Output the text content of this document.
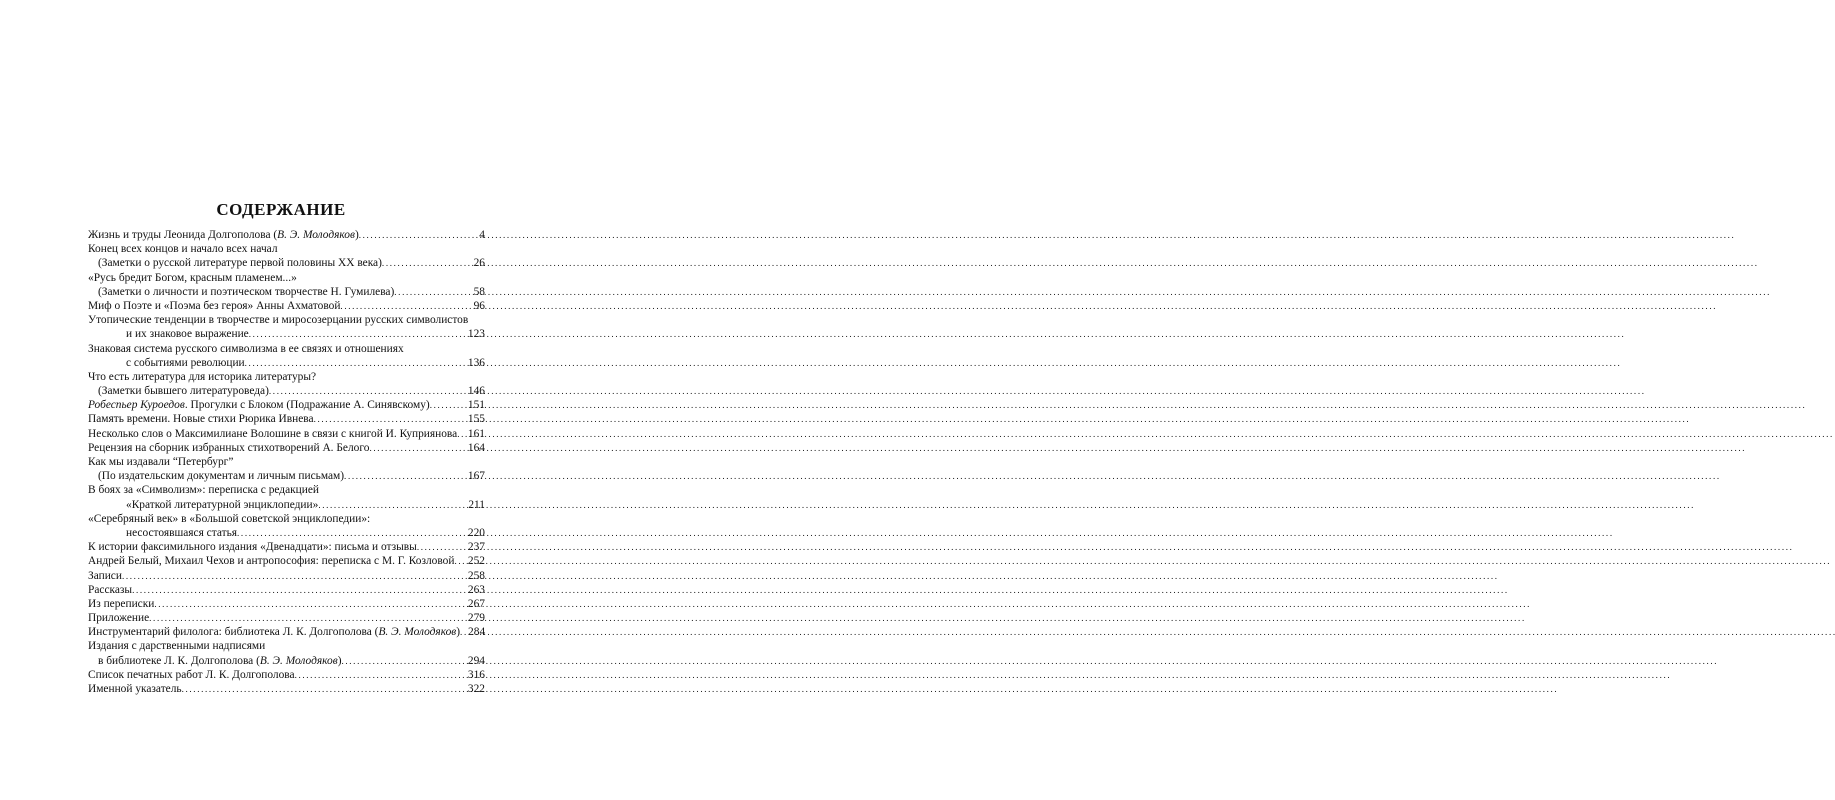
СОДЕРЖАНИЕ
Жизнь и труды Леонида Долгополова (В. Э. Молодяков) . . .	4
Конец всех концов и начало всех начал
(Заметки о русской литературе первой половины ХХ века) . . .	26
«Русь бредит Богом, красным пламенем...»
(Заметки о личности и поэтическом творчестве Н. Гумилева) . . .	58
Миф о Поэте и «Поэма без героя» Анны Ахматовой . . .	96
Утопические тенденции в творчестве и миросозерцании русских символистов
и их знаковое выражение . . .	123
Знаковая система русского символизма в ее связях и отношениях
с событиями революции . . .	136
Что есть литература для историка литературы?
(Заметки бывшего литературоведа) . . .	146
Робеспьер Куроедов. Прогулки с Блоком (Подражание А. Синявскому) . . .	151
Память времени. Новые стихи Рюрика Ивнева . . .	155
Несколько слов о Максимилиане Волошине в связи с книгой И. Куприянова . . . 161
Рецензия на сборник избранных стихотворений А. Белого . . .	164
Как мы издавали “Петербург”
(По издательским документам и личным письмам) . . .	167
В боях за «Символизм»: переписка с редакцией
«Краткой литературной энциклопедии» . . .	211
«Серебряный век» в «Большой советской энциклопедии»:
несостоявшаяся статья . . .	220
К истории факсимильного издания «Двенадцати»: письма и отзывы . . .	237
Андрей Белый, Михаил Чехов и антропософия: переписка с М. Г. Козловой . . . 252
Записи . . .	258
Рассказы . . .	263
Из переписки . . .	267
Приложение . . .	279
Инструментарий филолога: библиотека Л. К. Долгополова (В. Э. Молодяков) . . . 284
Издания с дарственными надписями
в библиотеке Л. К. Долгополова (В. Э. Молодяков) . . .	294
Список печатных работ Л. К. Долгополова . . .	316
Именной указатель . . .	322
